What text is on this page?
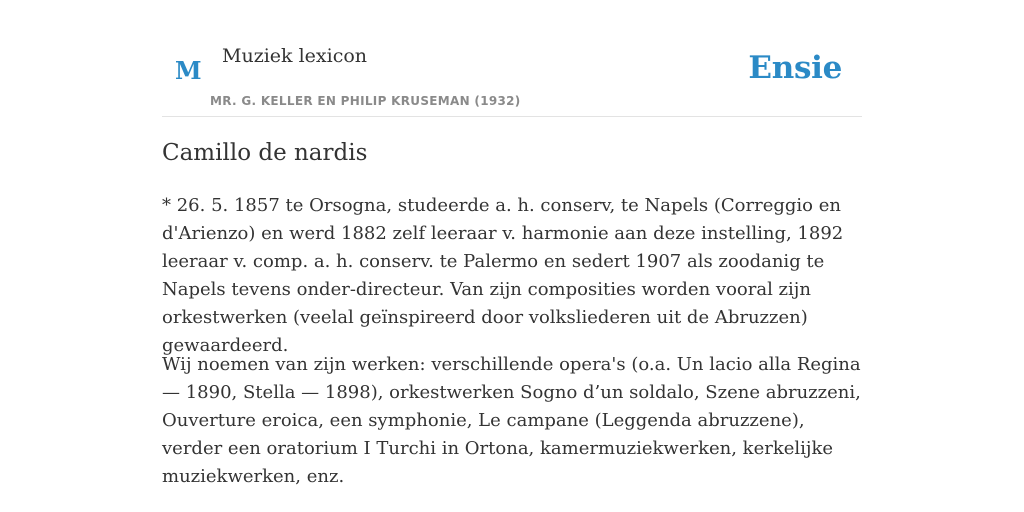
M Muziek lexicon
MR. G. KELLER EN PHILIP KRUSEMAN (1932)
Ensie
Camillo de nardis

* 26. 5. 1857 te Orsogna, studeerde a. h. conserv, te Napels (Correggio en d'Arienzo) en werd 1882 zelf leeraar v. harmonie aan deze instelling, 1892 leeraar v. comp. a. h. conserv. te Palermo en sedert 1907 als zoodanig te Napels tevens onder-directeur. Van zijn composities worden vooral zijn orkestwerken (veelal geïnspireerd door volksliederen uit de Abruzzen) gewaardeerd.

Wij noemen van zijn werken: verschillende opera's (o.a. Un lacio alla Regina — 1890, Stella — 1898), orkestwerken Sogno d’un soldalo, Szene abruzzeni, Ouverture eroica, een symphonie, Le campane (Leggenda abruzzene), verder een oratorium I Turchi in Ortona, kamermuziekwerken, kerkelijke muziekwerken, enz.
